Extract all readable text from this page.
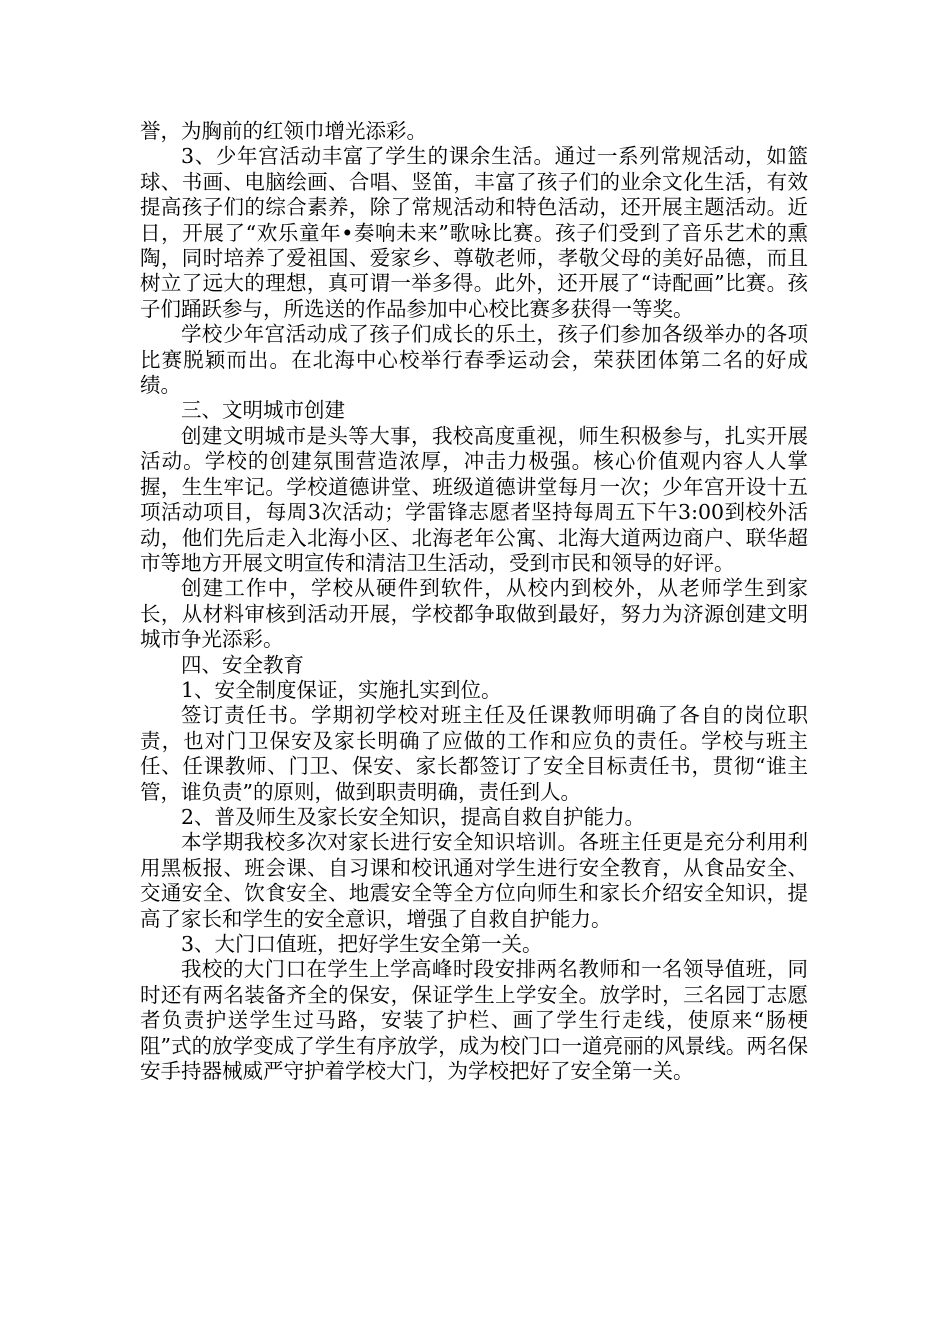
誉，为胸前的红领巾增光添彩。

3、少年宫活动丰富了学生的课余生活。通过一系列常规活动，如篮球、书画、电脑绘画、合唱、竖笛，丰富了孩子们的业余文化生活，有效提高孩子们的综合素养，除了常规活动和特色活动，还开展主题活动。近日，开展了“欢乐童年•奏响未来”歌咏比赛。孩子们受到了音乐艺术的熏陶，同时培养了爱祖国、爱家乡、尊敬老师，孝敬父母的美好品德，而且树立了远大的理想，真可谓一举多得。此外，还开展了“诗配画”比赛。孩子们踊跃参与，所选送的作品参加中心校比赛多获得一等奖。

学校少年宫活动成了孩子们成长的乐土，孩子们参加各级举办的各项比赛脱颖而出。在北海中心校举行春季运动会，荣获团体第二名的好成绩。

三、文明城市创建

创建文明城市是头等大事，我校高度重视，师生积极参与，扎实开展活动。学校的创建氛围营造浓厚，冲击力极强。核心价值观内容人人掌握，生生牢记。学校道德讲堂、班级道德讲堂每月一次；少年宫开设十五项活动项目，每周3次活动；学雷锋志愿者坚持每周五下午3:00到校外活动，他们先后走入北海小区、北海老年公寓、北海大道两边商户、联华超市等地方开展文明宣传和清洁卫生活动，受到市民和领导的好评。

创建工作中，学校从硬件到软件，从校内到校外，从老师学生到家长，从材料审核到活动开展，学校都争取做到最好，努力为济源创建文明城市争光添彩。

四、安全教育

1、安全制度保证，实施扎实到位。

签订责任书。学期初学校对班主任及任课教师明确了各自的岗位职责，也对门卫保安及家长明确了应做的工作和应负的责任。学校与班主任、任课教师、门卫、保安、家长都签订了安全目标责任书，贯彻“谁主管，谁负责”的原则，做到职责明确，责任到人。

2、普及师生及家长安全知识，提高自救自护能力。

本学期我校多次对家长进行安全知识培训。各班主任更是充分利用利用黑板报、班会课、自习课和校讯通对学生进行安全教育，从食品安全、交通安全、饮食安全、地震安全等全方位向师生和家长介绍安全知识，提高了家长和学生的安全意识，增强了自救自护能力。

3、大门口值班，把好学生安全第一关。

我校的大门口在学生上学高峰时段安排两名教师和一名领导值班，同时还有两名装备齐全的保安，保证学生上学安全。放学时，三名园丁志愿者负责护送学生过马路，安装了护栏、画了学生行走线，使原来“肠梗阻”式的放学变成了学生有序放学，成为校门口一道亮丽的风景线。两名保安手持器械威严守护着学校大门，为学校把好了安全第一关。
